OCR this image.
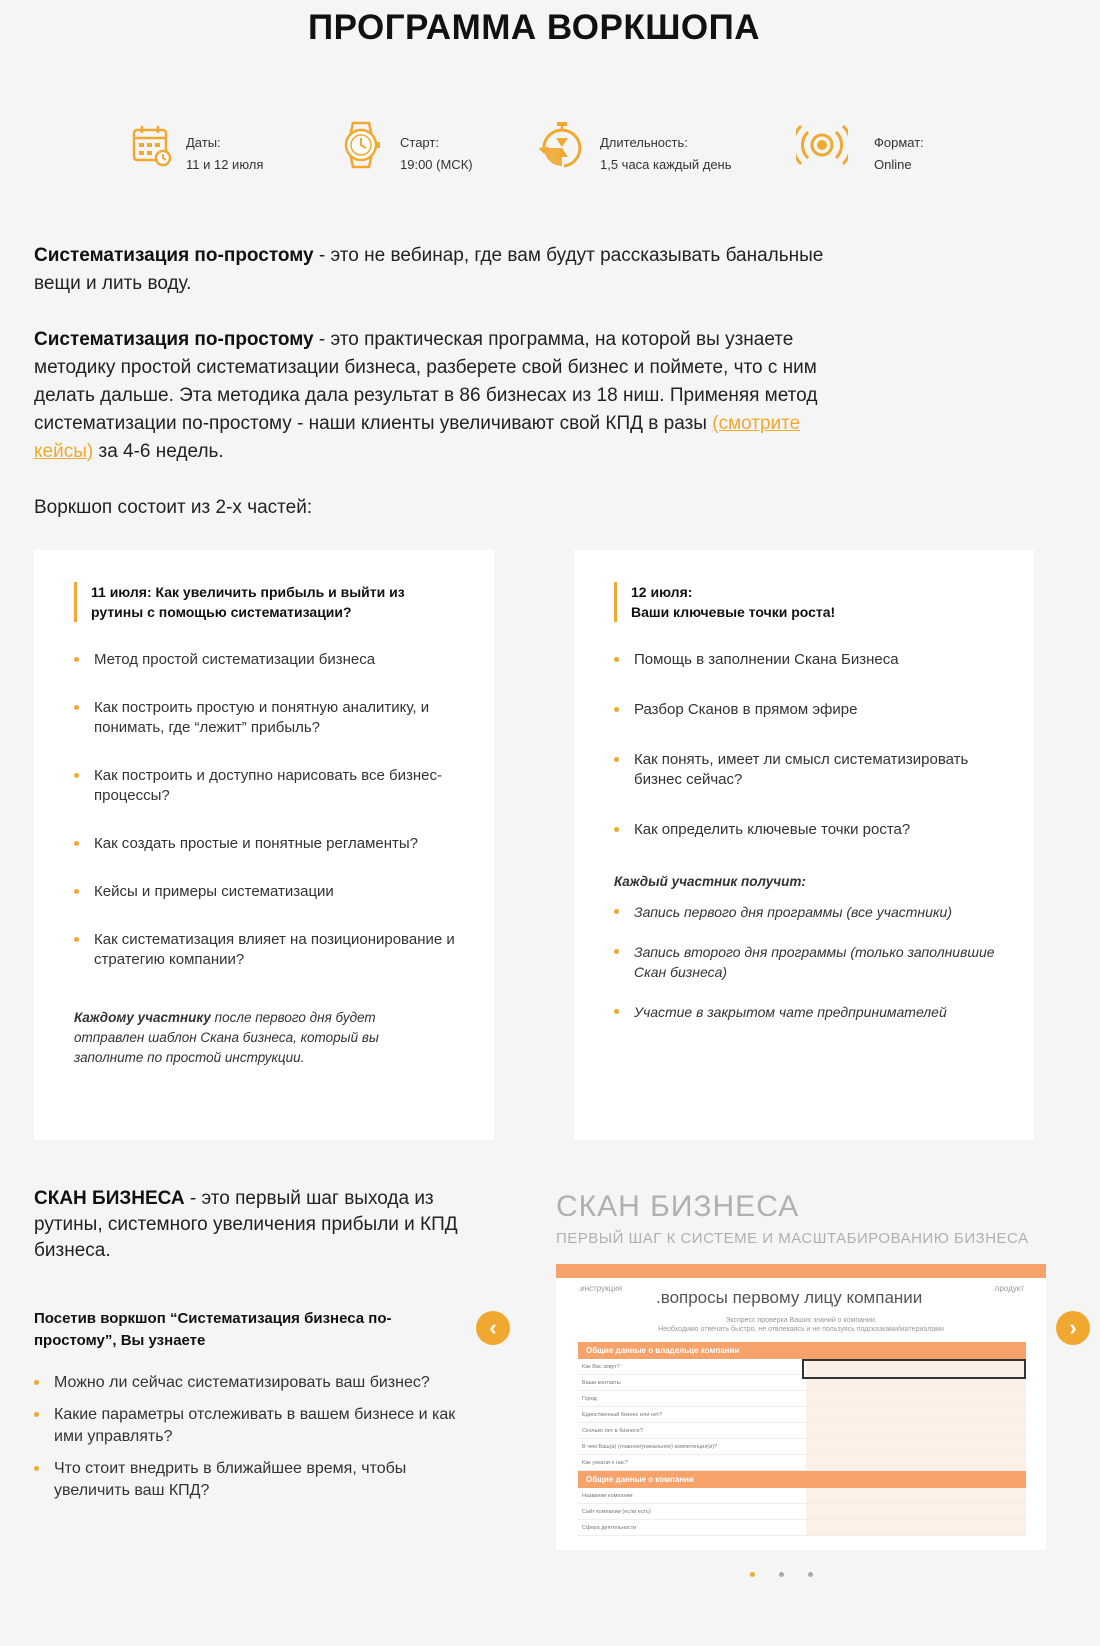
ПРОГРАММА ВОРКШОПА
Даты:
11 и 12 июля
Старт:
19:00 (МСК)
Длительность:
1,5 часа каждый день
Формат:
Online

Систематизация по-простому - это не вебинар, где вам будут рассказывать банальные вещи и лить воду.

Систематизация по-простому - это практическая программа, на которой вы узнаете методику простой систематизации бизнеса, разберете свой бизнес и поймете, что с ним делать дальше. Эта методика дала результат в 86 бизнесах из 18 ниш. Применяя метод систематизации по-простому - наши клиенты увеличивают свой КПД в разы (смотрите кейсы) за 4-6 недель.

Воркшоп состоит из 2-х частей:

11 июля: Как увеличить прибыль и выйти из
рутины с помощью систематизации?
Метод простой систематизации бизнеса
Как построить простую и понятную аналитику, и понимать, где “лежит” прибыль?
Как построить и доступно нарисовать все бизнес-процессы?
Как создать простые и понятные регламенты?
Кейсы и примеры систематизации
Как систематизация влияет на позиционирование и стратегию компании?
Каждому участнику после первого дня будет отправлен шаблон Скана бизнеса, который вы заполните по простой инструкции.
12 июля:
Ваши ключевые точки роста!
Помощь в заполнении Скана Бизнеса
Разбор Сканов в прямом эфире
Как понять, имеет ли смысл систематизировать бизнес сейчас?
Как определить ключевые точки роста?
Каждый участник получит:
Запись первого дня программы (все участники)
Запись второго дня программы (только заполнившие Скан бизнеса)
Участие в закрытом чате предпринимателей
СКАН БИЗНЕСА - это первый шаг выхода из рутины, системного увеличения прибыли и КПД бизнеса.
Посетив воркшоп “Систематизация бизнеса по-простому”, Вы узнаете
Можно ли сейчас систематизировать ваш бизнес?
Какие параметры отслеживать в вашем бизнесе и как ими управлять?
Что стоит внедрить в ближайшее время, чтобы увеличить ваш КПД?
СКАН БИЗНЕСА
ПЕРВЫЙ ШАГ К СИСТЕМЕ И МАСШТАБИРОВАНИЮ БИЗНЕСА
.инструкция	.продукт
.вопросы первому лицу компании
Экспресс проверка Ваших знаний о компании.
Необходимо отвечать быстро, не отвлекаясь и не пользуясь подсказками/материалами
Общие данные о владельце компании
Как Вас зовут?
Ваши контакты
Город
Единственный бизнес или нет?
Сколько лет в бизнесе?
В чем Ваш(а) (главное/уникальное) компетенция(и)?
Как узнали о нас?
Общие данные о компании
Название компании
Сайт компании (если есть)
Сфера деятельности
‹	›
